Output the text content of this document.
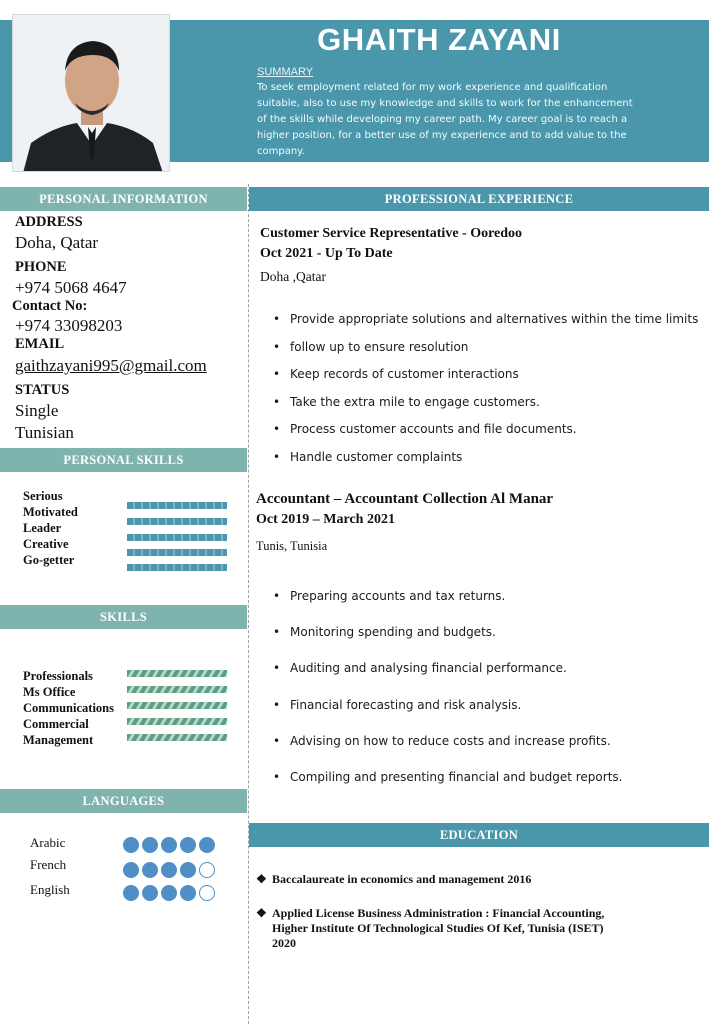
GHAITH ZAYANI
SUMMARY
To seek employment related for my work experience and qualification
suitable, also to use my knowledge and skills to work for the enhancement
of the skills while developing my career path. My career goal is to reach a
higher position, for a better use of my experience and to add value to the
company.
PERSONAL INFORMATION	PROFESSIONAL EXPERIENCE
PERSONAL SKILLS
SKILLS
LANGUAGES
EDUCATION
ADDRESS
Doha, Qatar
PHONE
+974 5068 4647
Contact No:
+974 33098203
EMAIL
gaithzayani995@gmail.com
STATUS
Single
Tunisian
Serious
Motivated
Leader
Creative
Go-getter
Professionals
Ms Office
Communications
Commercial
Management
Arabic
French
English
Customer Service Representative - Ooredoo
Oct 2021 - Up To Date
Doha ,Qatar
• Provide appropriate solutions and alternatives within the time limits
• follow up to ensure resolution
• Keep records of customer interactions
• Take the extra mile to engage customers.
• Process customer accounts and file documents.
• Handle customer complaints
Accountant – Accountant Collection Al Manar
Oct 2019 – March 2021
Tunis, Tunisia
• Preparing accounts and tax returns.
• Monitoring spending and budgets.
• Auditing and analysing financial performance.
• Financial forecasting and risk analysis.
• Advising on how to reduce costs and increase profits.
• Compiling and presenting financial and budget reports.
❖ Baccalaureate in economics and management 2016
❖ Applied License Business Administration : Financial Accounting,
Higher Institute Of Technological Studies Of Kef, Tunisia (ISET)
2020
